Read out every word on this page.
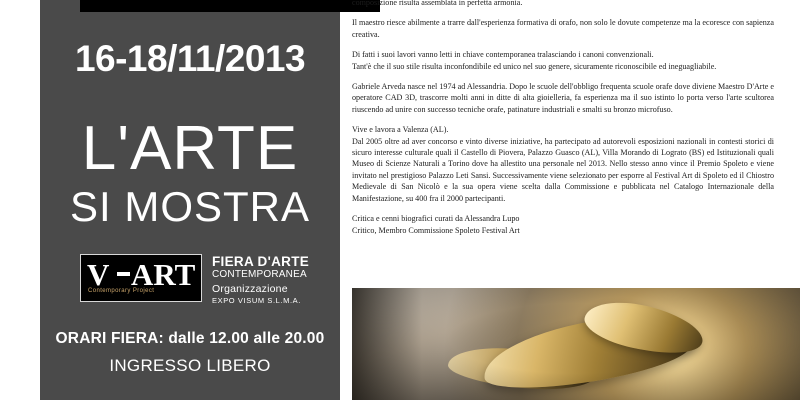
16-18/11/2013
L'ARTE
SI MOSTRA
V ART
Contemporary Project
FIERA D'ARTE
CONTEMPORANEA
Organizzazione
EXPO VISUM S.L.M.A.
ORARI FIERA: dalle 12.00 alle 20.00
INGRESSO LIBERO

composizione risulta assemblata in perfetta armonia.

Il maestro riesce abilmente a trarre dall'esperienza formativa di orafo, non solo le dovute competenze ma la ecoresce con sapienza creativa.

Di fatti i suoi lavori vanno letti in chiave contemporanea tralasciando i canoni convenzionali.

Tant'è che il suo stile risulta inconfondibile ed unico nel suo genere, sicuramente riconoscibile ed ineguagliabile.

Gabriele Arveda nasce nel 1974 ad Alessandria. Dopo le scuole dell'obbligo frequenta scuole orafe dove diviene Maestro D'Arte e operatore CAD 3D, trascorre molti anni in ditte di alta gioielleria, fa esperienza ma il suo istinto lo porta verso l'arte scultorea riuscendo ad unire con successo tecniche orafe, patinature industriali e smalti su bronzo microfuso.

Vive e lavora a Valenza (AL).

Dal 2005 oltre ad aver concorso e vinto diverse iniziative, ha partecipato ad autorevoli esposizioni nazionali in contesti storici di sicuro interesse culturale quali il Castello di Piovera, Palazzo Guasco (AL), Villa Morando di Lograto (BS) ed Istituzionali quali Museo di Scienze Naturali a Torino dove ha allestito una personale nel 2013. Nello stesso anno vince il Premio Spoleto e viene invitato nel prestigioso Palazzo Leti Sansi. Successivamente viene selezionato per esporre al Festival Art di Spoleto ed il Chiostro Medievale di San Nicolò e la sua opera viene scelta dalla Commissione e pubblicata nel Catalogo Internazionale della Manifestazione, su 400 fra il 2000 partecipanti.

Critica e cenni biografici curati da Alessandra Lupo

Critico, Membro Commissione Spoleto Festival Art
